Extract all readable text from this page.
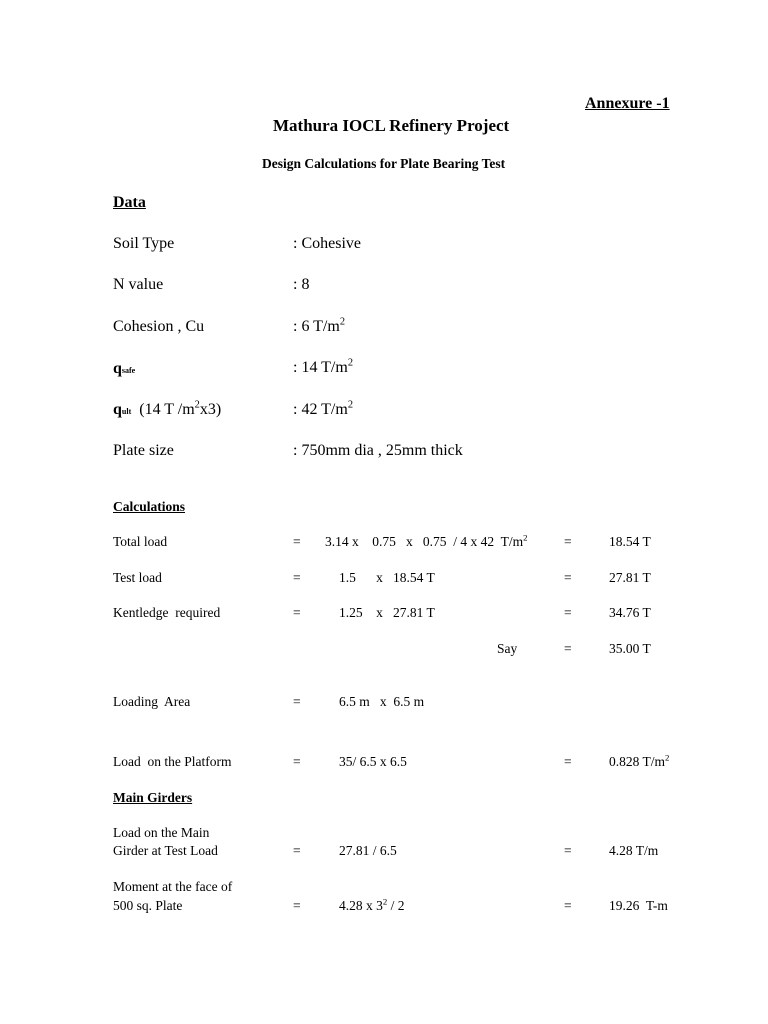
Annexure -1
Mathura IOCL Refinery Project
Design Calculations for Plate Bearing Test
Data
Soil Type	: Cohesive
N value	: 8
Cohesion , Cu	: 6 $T/m^2$
qsafe	: 14 $T/m^2$
qult  (14 T $/m^2x3$)	: 42 $T/m^2$
Plate size	: 750mm dia , 25mm thick
Calculations
Total load	= 3.14 x    0.75   x   0.75  / 4 x 42  $T/m^2$	=	18.54 T
Test load	=	1.5      x   18.54 T	=	27.81 T
Kentledge  required	=	1.25    x   27.81 T	=	34.76 T
Say	=	35.00 T
Loading  Area	=	6.5 m   x  6.5 m
Load  on the Platform	=	35/ 6.5 x 6.5	=	0.828 $T/m^2$
Main Girders
Load on the Main
Girder at Test Load	=	27.81 / 6.5	=	4.28 T/m
Moment at the face of
500 sq. Plate	=	4.28 x $3^2 / 2$	=	19.26  T-m
